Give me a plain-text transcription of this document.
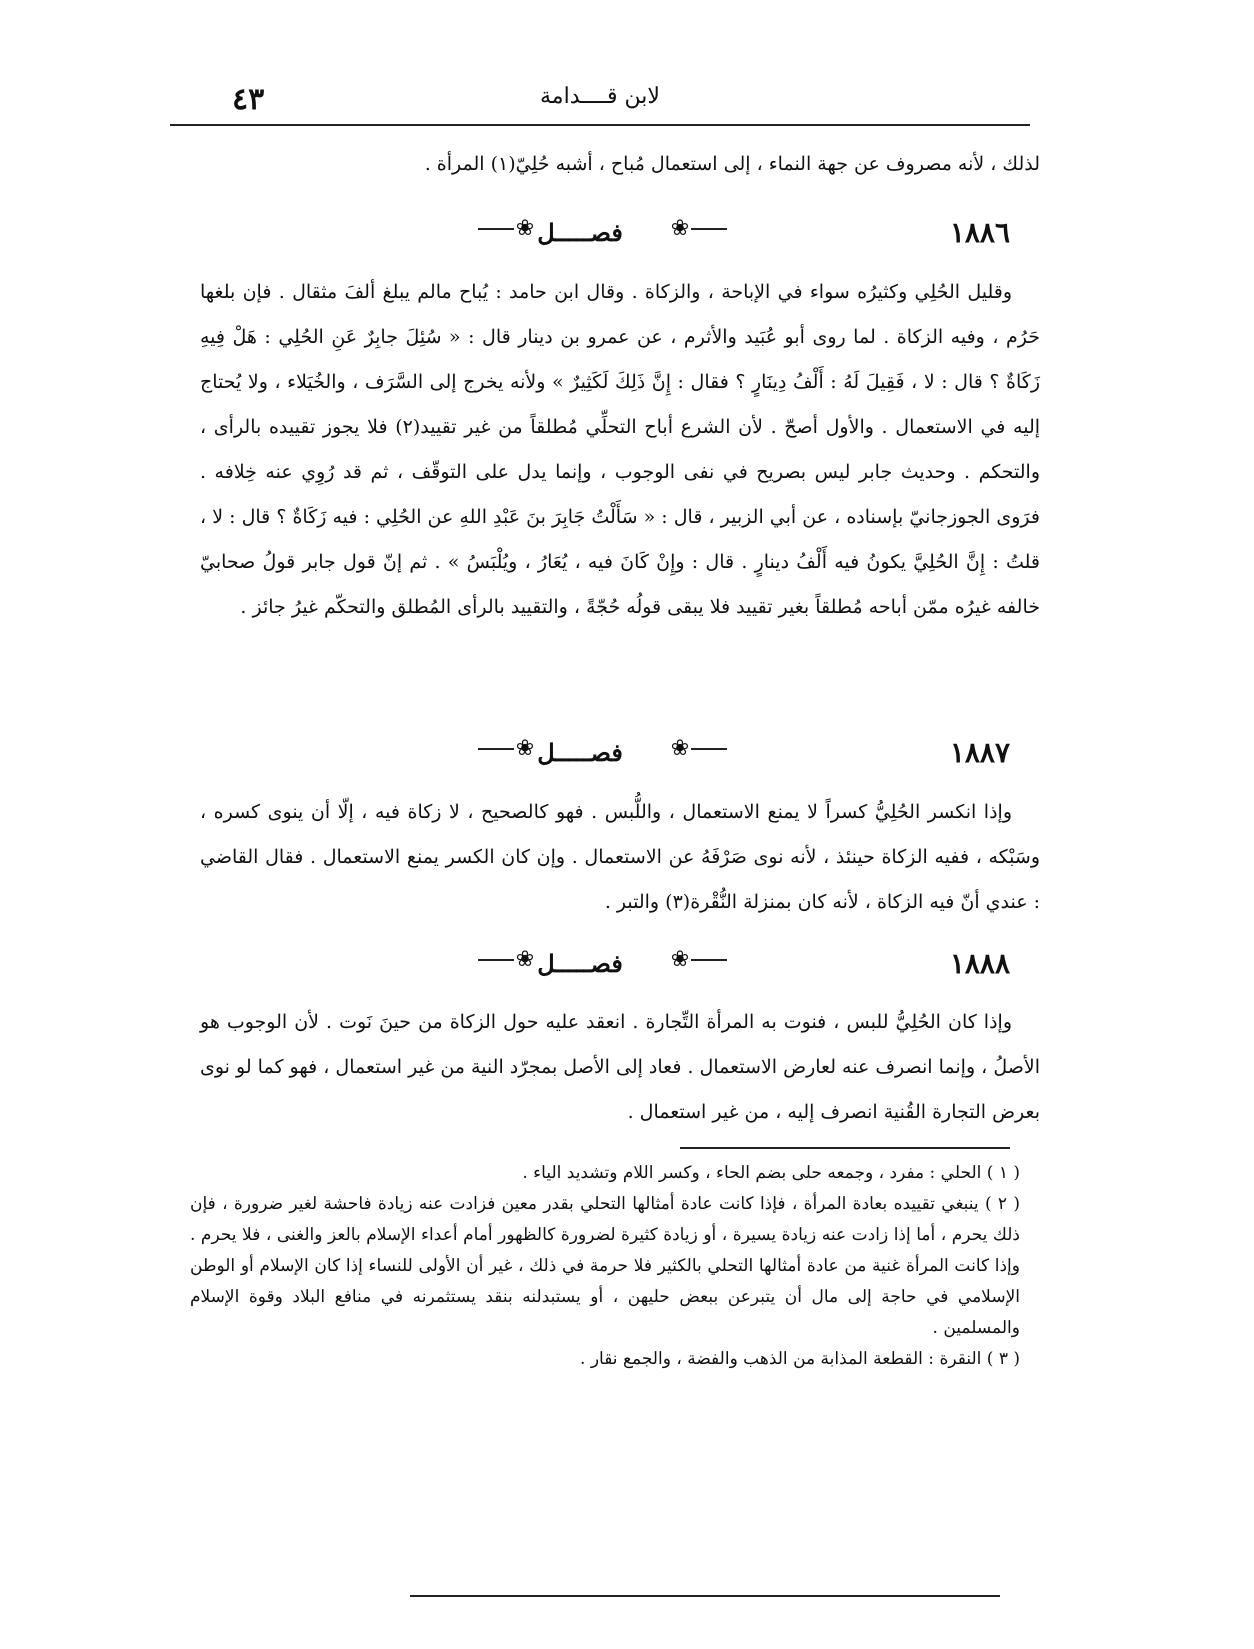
٤٣	لابن قــــدامة

لذلك ، لأنه مصروف عن جهة النماء ، إلى استعمال مُباح ، أشبه حُلِيّ(١) المرأة .

❀ فصـــــل	❀	١٨٨٦

وقليل الحُلِي وكثيرُه سواء في الإباحة ، والزكاة . وقال ابن حامد : يُباح مالم يبلغ ألفَ مثقال . فإن بلغها حَرُم ، وفيه الزكاة . لما روى أبو عُبَيد والأثرم ، عن عمرو بن دينار قال : « سُئِلَ جابِرٌ عَنِ الحُلِي : هَلْ فِيهِ زَكَاةٌ ؟ قال : لا ، فَقِيلَ لَهُ : أَلْفُ دِينَارٍ ؟ فقال : إِنَّ ذَلِكَ لَكَثِيرٌ » ولأنه يخرج إلى السَّرَف ، والخُيَلاء ، ولا يُحتاج إليه في الاستعمال . والأول أصحّ . لأن الشرع أباح التحلِّي مُطلقاً من غير تقييد(٢) فلا يجوز تقييده بالرأى ، والتحكم . وحديث جابر ليس بصريح في نفى الوجوب ، وإنما يدل على التوقّف ، ثم قد رُوِي عنه خِلافه . فرَوى الجوزجانيّ بإسناده ، عن أبي الزبير ، قال : « سَأَلْتُ جَابِرَ بنَ عَبْدِ اللهِ عن الحُلِي : فيه زَكَاةٌ ؟ قال : لا ، قلتُ : إِنَّ الحُلِيَّ يكونُ فيه أَلْفُ دينارٍ . قال : وإِنْ كَانَ فيه ، يُعَارُ ، ويُلْبَسُ » . ثم إنّ قول جابر قولُ صحابيّ خالفه غيرُه ممّن أباحه مُطلقاً بغير تقييد فلا يبقى قولُه حُجّةً ، والتقييد بالرأى المُطلق والتحكّم غيرُ جائز .

❀ فصـــــل	❀	١٨٨٧

وإذا انكسر الحُلِيُّ كسراً لا يمنع الاستعمال ، واللُّبس . فهو كالصحيح ، لا زكاة فيه ، إلّا أن ينوى كسره ، وسَبْكه ، ففيه الزكاة حينئذ ، لأنه نوى صَرْفَهُ عن الاستعمال . وإن كان الكسر يمنع الاستعمال . فقال القاضي : عندي أنّ فيه الزكاة ، لأنه كان بمنزلة النُّقْرة(٣) والتبر .

❀ فصـــــل	❀	١٨٨٨

وإذا كان الحُلِيُّ للبس ، فنوت به المرأة التِّجارة . انعقد عليه حول الزكاة من حينَ نَوت . لأن الوجوب هو الأصلُ ، وإنما انصرف عنه لعارض الاستعمال . فعاد إلى الأصل بمجرّد النية من غير استعمال ، فهو كما لو نوى بعرض التجارة القُنية انصرف إليه ، من غير استعمال .

( ١ ) الحلي : مفرد ، وجمعه حلى بضم الحاء ، وكسر اللام وتشديد الياء .

( ٢ ) ينبغي تقييده بعادة المرأة ، فإذا كانت عادة أمثالها التحلي بقدر معين فزادت عنه زيادة فاحشة لغير ضرورة ، فإن ذلك يحرم ، أما إذا زادت عنه زيادة يسيرة ، أو زيادة كثيرة لضرورة كالظهور أمام أعداء الإسلام بالعز والغنى ، فلا يحرم . وإذا كانت المرأة غنية من عادة أمثالها التحلي بالكثير فلا حرمة في ذلك ، غير أن الأولى للنساء إذا كان الإسلام أو الوطن الإسلامي في حاجة إلى مال أن يتبرعن ببعض حليهن ، أو يستبدلنه بنقد يستثمرنه في منافع البلاد وقوة الإسلام والمسلمين .

( ٣ ) النقرة : القطعة المذابة من الذهب والفضة ، والجمع نقار .
